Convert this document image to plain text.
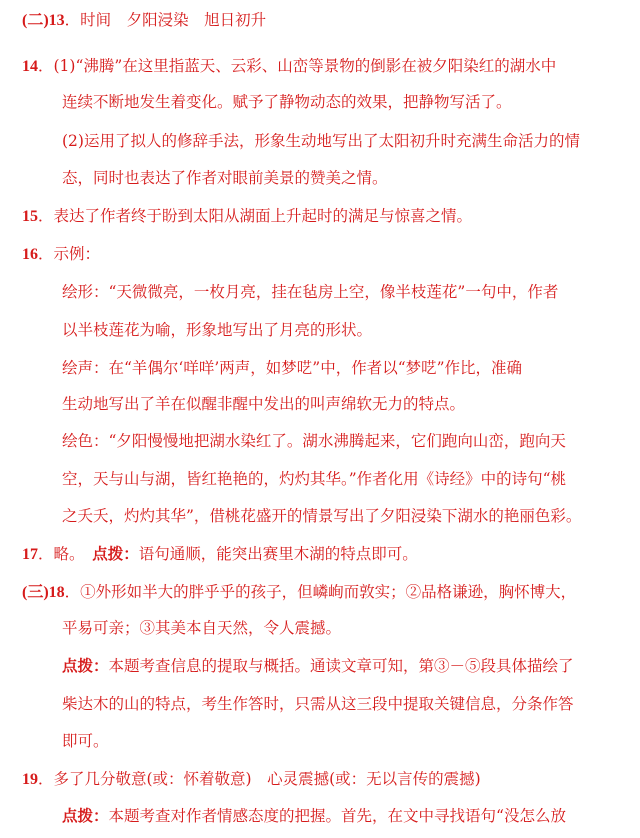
(二)13．时间　夕阳浸染　旭日初升
14．(1)“沸腾”在这里指蓝天、云彩、山峦等景物的倒影在被夕阳染红的湖水中
连续不断地发生着变化。赋予了静物动态的效果，把静物写活了。
(2)运用了拟人的修辞手法，形象生动地写出了太阳初升时充满生命活力的情
态，同时也表达了作者对眼前美景的赞美之情。
15．表达了作者终于盼到太阳从湖面上升起时的满足与惊喜之情。
16．示例：
绘形：“天微微亮，一枚月亮，挂在毡房上空，像半枝莲花”一句中，作者
以半枝莲花为喻，形象地写出了月亮的形状。
绘声：在“羊偶尔‘咩咩’两声，如梦呓”中，作者以“梦呓”作比，准确
生动地写出了羊在似醒非醒中发出的叫声绵软无力的特点。
绘色：“夕阳慢慢地把湖水染红了。湖水沸腾起来，它们跑向山峦，跑向天
空，天与山与湖，皆红艳艳的，灼灼其华。”作者化用《诗经》中的诗句“桃
之夭夭，灼灼其华”，借桃花盛开的情景写出了夕阳浸染下湖水的艳丽色彩。
17．略。　点拨：语句通顺，能突出赛里木湖的特点即可。
(三)18．①外形如半大的胖乎乎的孩子，但嶙峋而敦实；②品格谦逊，胸怀博大，
平易可亲；③其美本自天然，令人震撼。
点拨：本题考查信息的提取与概括。通读文章可知，第③－⑤段具体描绘了
柴达木的山的特点，考生作答时，只需从这三段中提取关键信息，分条作答
即可。
19．多了几分敬意(或：怀着敬意)　心灵震撼(或：无以言传的震撼)
点拨：本题考查对作者情感态度的把握。首先，在文中寻找语句“没怎么放
